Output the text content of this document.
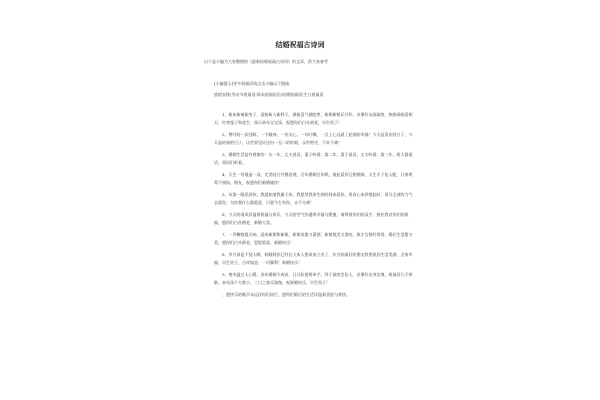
结婚祝福古诗词
以下是小编为大家整理的《最新结婚祝福古诗词》的文章，供大家参考
[小编提示]更多祝福语请点击小编以下链接:
放假安排|劳动节祝福语|周末祝福短信|结婚祝福语|生日祝福语

1、新床新被新房子，迎接新人新样子，满屋喜气满院笑，新郎新娘乐开怀，亲朋好友闹洞房，热热闹闹喜相天，红枣莲子和花生，预示来年宝宝添，祝愿你们白头到老，早生贵子！

2、曾经的一次回眸，一个眼神，一份关心，一句叮嘱，一点上心远就了此刻的幸福！今天是喜庆的日子，今天是结果的日子，让世界见证这份一无二的时刻，永世相守，不弃不离！

3、婚姻生活是有规律的：头一年，丈夫说话，妻子听着；第二年，妻子说话，丈夫听着；第三年，两人都说话，邻居们听着。

4、天生一对地造一双，完美结合共携连理，百年婚姻百年眠，彼此爱你互相照顾，天生才子佳人配，只羡鸳鸯不羡仙，朋友，祝愿你们新婚愉快！

5、从第一眼见到你，我就知道我属于你，我愿用我余生的时间来爱你，用真心来珍惜此时，用尽全部的力气去爱你，为你我什么都愿意，只愿今生有你，永不分离！

6、今天的清风洋溢着祝福与欢乐，今天的空气弥漫着幸福与甜蜜，请带着你们的双手，接住我对你们的祝福，愿你们白首偕老，新婚大喜。

7、一声鞭炮震天响，迎来新郎和新娘，新郎英俊又潇洒，新娘貌美又漂亮，郎才女貌好鸳鸯，婚后生活甜又美，愿你们白头偕老，恩恩爱爱，新婚快乐！

8、岁月真是不饶人啊，转眼间你已经长大成人要成家立业了，作为你最好的朋友我要祝你生活美满，全家幸福，早生贵子，吉祥如意，一切顺利！新婚快乐！

9、寒冬温过人心暖，非年婚姻今成真，日日盼望两牵手，拜于洞房会佳人，亲朋好友身边聚，祝福话儿不停歇，来年添个大胖小，三口之家乐淘淘，祝新婚快乐，早生贵子！

、愿快乐的歌声永远伴你们同行，愿你们婚后的生活洋溢着喜悦与欢快。
